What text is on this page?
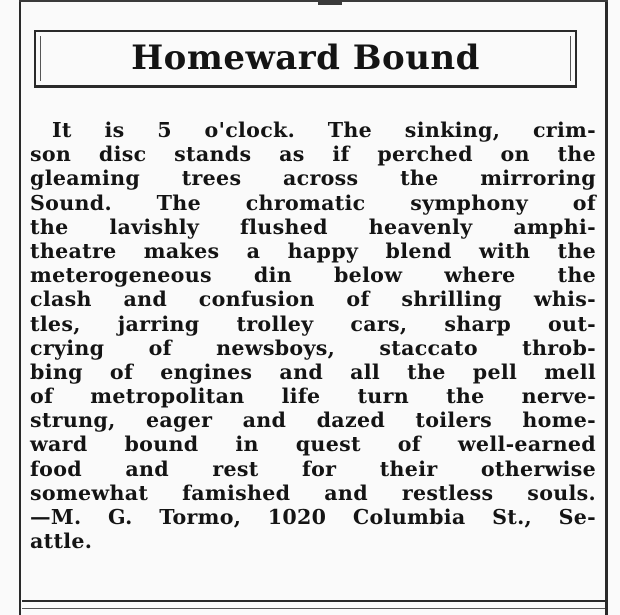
Homeward Bound
It is 5 o'clock. The sinking, crim-
son disc stands as if perched on the
gleaming trees across the mirroring
Sound. The chromatic symphony of
the lavishly flushed heavenly amphi-
theatre makes a happy blend with the
meterogeneous din below where the
clash and confusion of shrilling whis-
tles, jarring trolley cars, sharp out-
crying of newsboys, staccato throb-
bing of engines and all the pell mell
of metropolitan life turn the nerve-
strung, eager and dazed toilers home-
ward bound in quest of well-earned
food and rest for their otherwise
somewhat famished and restless souls.
—M. G. Tormo, 1020 Columbia St., Se-
attle.
